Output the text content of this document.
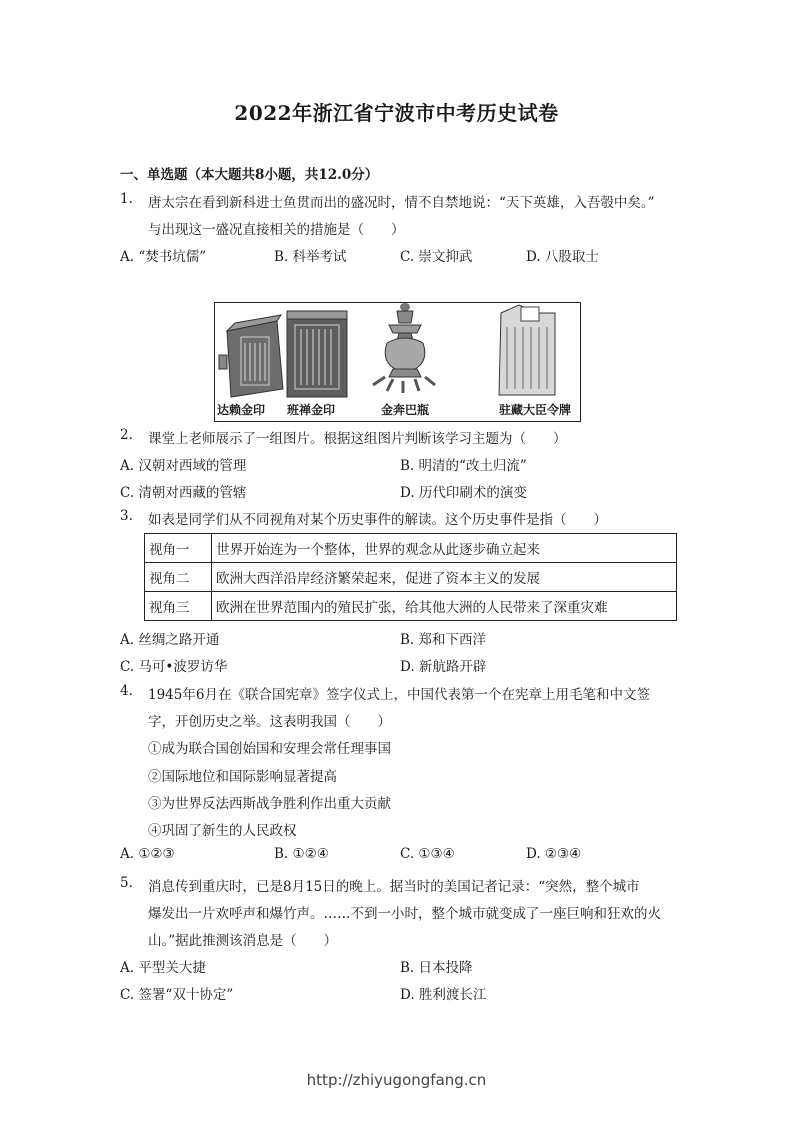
2022年浙江省宁波市中考历史试卷
一、单选题（本大题共8小题，共12.0分）
1. 唐太宗在看到新科进士鱼贯而出的盛况时，情不自禁地说：“天下英雄，入吾彀中矣。”
与出现这一盛况直接相关的措施是（　　）
A. “焚书坑儒”	B. 科举考试	C. 崇文抑武	D. 八股取士
达赖金印 班禅金印	金奔巴瓶	驻藏大臣令牌
2. 课堂上老师展示了一组图片。根据这组图片判断该学习主题为（　　）
A. 汉朝对西域的管理	B. 明清的“改土归流”
C. 清朝对西藏的管辖	D. 历代印刷术的演变
3. 如表是同学们从不同视角对某个历史事件的解读。这个历史事件是指（　　）
视角一	世界开始连为一个整体，世界的观念从此逐步确立起来
视角二	欧洲大西洋沿岸经济繁荣起来，促进了资本主义的发展
视角三	欧洲在世界范围内的殖民扩张，给其他大洲的人民带来了深重灾难
A. 丝绸之路开通	B. 郑和下西洋
C. 马可•波罗访华	D. 新航路开辟
4. 1945年6月在《联合国宪章》签字仪式上，中国代表第一个在宪章上用毛笔和中文签
字，开创历史之举。这表明我国（　　）
①成为联合国创始国和安理会常任理事国
②国际地位和国际影响显著提高
③为世界反法西斯战争胜利作出重大贡献
④巩固了新生的人民政权
A. ①②③	B. ①②④	C. ①③④	D. ②③④
5. 消息传到重庆时，已是8月15日的晚上。据当时的美国记者记录：“突然，整个城市
爆发出一片欢呼声和爆竹声。……不到一小时，整个城市就变成了一座巨响和狂欢的火
山。”据此推测该消息是（　　）
A. 平型关大捷	B. 日本投降
C. 签署“双十协定”	D. 胜利渡长江
http://zhiyugongfang.cn
